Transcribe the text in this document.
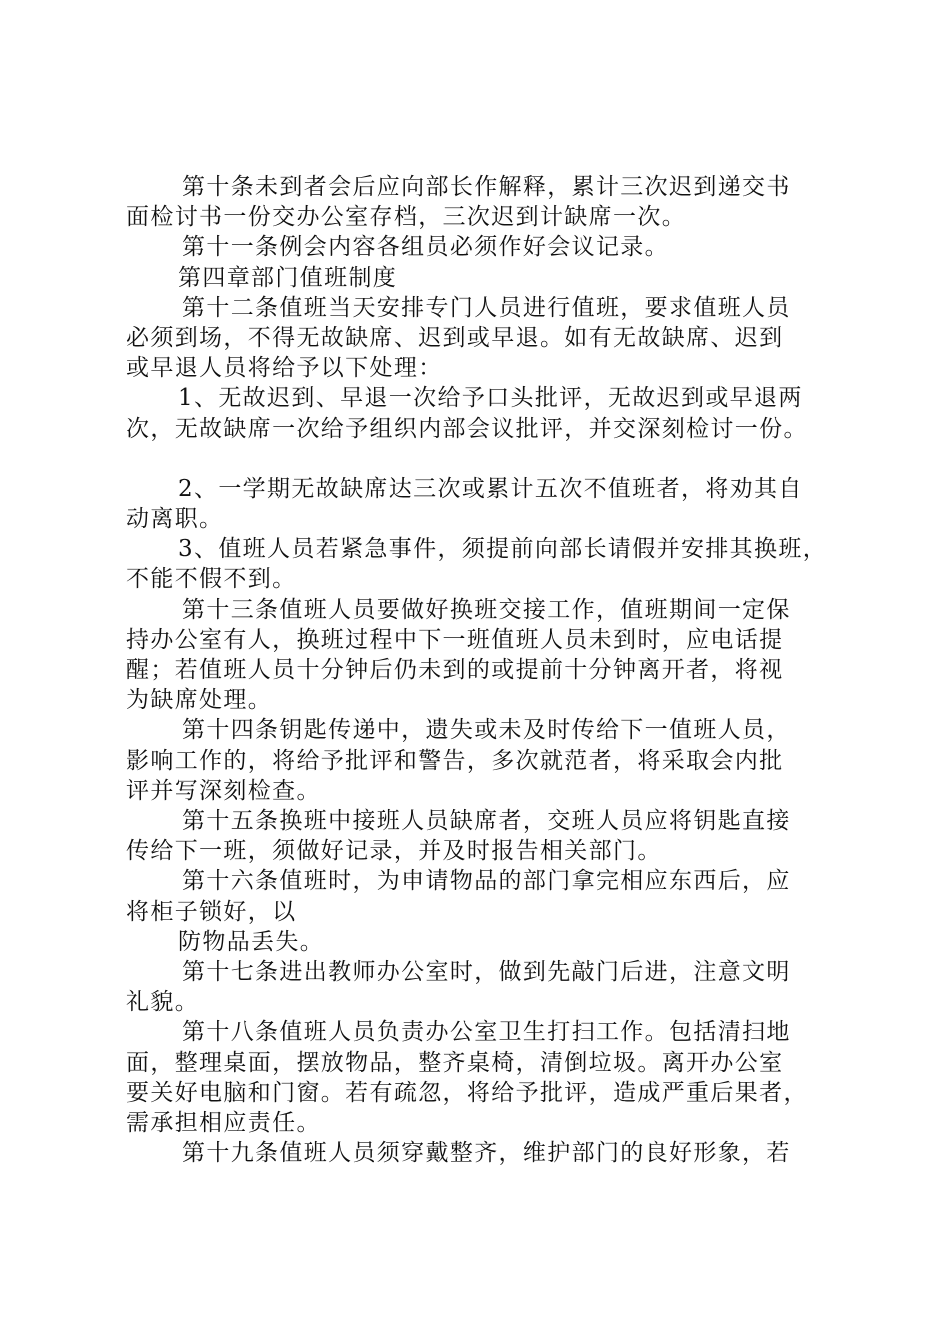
第十条未到者会后应向部长作解释，累计三次迟到递交书
面检讨书一份交办公室存档，三次迟到计缺席一次。

第十一条例会内容各组员必须作好会议记录。

第四章部门值班制度

第十二条值班当天安排专门人员进行值班，要求值班人员
必须到场，不得无故缺席、迟到或早退。如有无故缺席、迟到
或早退人员将给予以下处理：

1、无故迟到、早退一次给予口头批评，无故迟到或早退两
次，无故缺席一次给予组织内部会议批评，并交深刻检讨一份。

2、一学期无故缺席达三次或累计五次不值班者，将劝其自
动离职。

3、值班人员若紧急事件，须提前向部长请假并安排其换班，
不能不假不到。

第十三条值班人员要做好换班交接工作，值班期间一定保
持办公室有人，换班过程中下一班值班人员未到时，应电话提
醒；若值班人员十分钟后仍未到的或提前十分钟离开者，将视
为缺席处理。

第十四条钥匙传递中，遗失或未及时传给下一值班人员，
影响工作的，将给予批评和警告，多次就范者，将采取会内批
评并写深刻检查。

第十五条换班中接班人员缺席者，交班人员应将钥匙直接
传给下一班，须做好记录，并及时报告相关部门。

第十六条值班时，为申请物品的部门拿完相应东西后，应
将柜子锁好，以

防物品丢失。

第十七条进出教师办公室时，做到先敲门后进，注意文明
礼貌。

第十八条值班人员负责办公室卫生打扫工作。包括清扫地
面，整理桌面，摆放物品，整齐桌椅，清倒垃圾。离开办公室
要关好电脑和门窗。若有疏忽，将给予批评，造成严重后果者，
需承担相应责任。

第十九条值班人员须穿戴整齐，维护部门的良好形象，若
